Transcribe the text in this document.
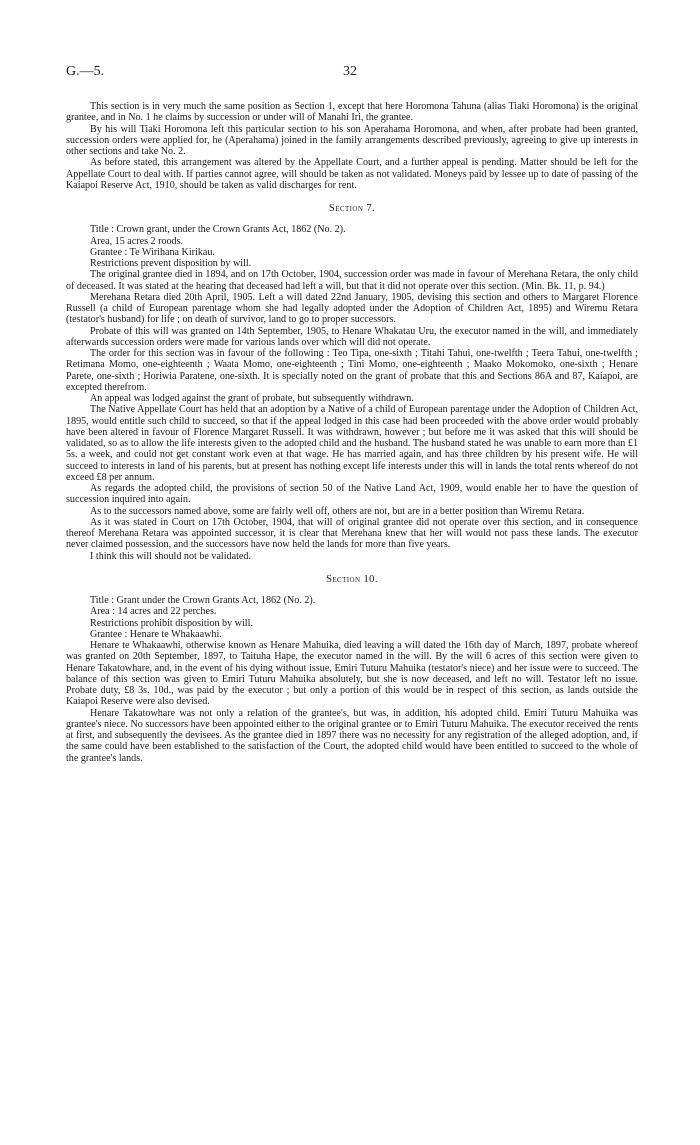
G.—5.	32

This section is in very much the same position as Section 1, except that here Horomona Tahuna (alias Tiaki Horomona) is the original grantee, and in No. 1 he claims by succession or under will of Manahi Iri, the grantee.

By his will Tiaki Horomona left this particular section to his son Aperahama Horomona, and when, after probate had been granted, succession orders were applied for, he (Aperahama) joined in the family arrangements described previously, agreeing to give up interests in other sections and take No. 2.

As before stated, this arrangement was altered by the Appellate Court, and a further appeal is pending. Matter should be left for the Appellate Court to deal with. If parties cannot agree, will should be taken as not validated. Moneys paid by lessee up to date of passing of the Kaiapoi Reserve Act, 1910, should be taken as valid discharges for rent.

Section 7.
Title : Crown grant, under the Crown Grants Act, 1862 (No. 2).
Area, 15 acres 2 roods.
Grantee : Te Wirihana Kirikau.
Restrictions prevent disposition by will.

The original grantee died in 1894, and on 17th October, 1904, succession order was made in favour of Merehana Retara, the only child of deceased. It was stated at the hearing that deceased had left a will, but that it did not operate over this section. (Min. Bk. 11, p. 94.)

Merehana Retara died 20th April, 1905. Left a will dated 22nd January, 1905, devising this section and others to Margaret Florence Russell (a child of European parentage whom she had legally adopted under the Adoption of Children Act, 1895) and Wiremu Retara (testator's husband) for life ; on death of survivor, land to go to proper successors.

Probate of this will was granted on 14th September, 1905, to Henare Whakatau Uru, the executor named in the will, and immediately afterwards succession orders were made for various lands over which will did not operate.

The order for this section was in favour of the following : Teo Tipa, one-sixth ; Titahi Tahui, one-twelfth ; Teera Tahui, one-twelfth ; Retimana Momo, one-eighteenth ; Waata Momo, one-eighteenth ; Tini Momo, one-eighteenth ; Maako Mokomoko, one-sixth ; Henare Parete, one-sixth ; Horiwia Paratene, one-sixth. It is specially noted on the grant of probate that this and Sections 86A and 87, Kaiapoi, are excepted therefrom.

An appeal was lodged against the grant of probate, but subsequently withdrawn.

The Native Appellate Court has held that an adoption by a Native of a child of European parentage under the Adoption of Children Act, 1895, would entitle such child to succeed, so that if the appeal lodged in this case had been proceeded with the above order would probably have been altered in favour of Florence Margaret Russell. It was withdrawn, however ; but before me it was asked that this will should be validated, so as to allow the life interests given to the adopted child and the husband. The husband stated he was unable to earn more than £1 5s. a week, and could not get constant work even at that wage. He has married again, and has three children by his present wife. He will succeed to interests in land of his parents, but at present has nothing except life interests under this will in lands the total rents whereof do not exceed £8 per annum.

As regards the adopted child, the provisions of section 50 of the Native Land Act, 1909, would enable her to have the question of succession inquired into again.

As to the successors named above, some are fairly well off, others are not, but are in a better position than Wiremu Retara.

As it was stated in Court on 17th October, 1904, that will of original grantee did not operate over this section, and in consequence thereof Merehana Retara was appointed successor, it is clear that Merehana knew that her will would not pass these lands. The executor never claimed possession, and the successors have now held the lands for more than five years.

I think this will should not be validated.

Section 10.
Title : Grant under the Crown Grants Act, 1862 (No. 2).
Area : 14 acres and 22 perches.
Restrictions prohibit disposition by will.
Grantee : Henare te Whakaawhi.

Henare te Whakaawhi, otherwise known as Henare Mahuika, died leaving a will dated the 16th day of March, 1897, probate whereof was granted on 20th September, 1897, to Taituha Hape, the executor named in the will. By the will 6 acres of this section were given to Henare Takatowhare, and, in the event of his dying without issue, Emiri Tuturu Mahuika (testator's niece) and her issue were to succeed. The balance of this section was given to Emiri Tuturu Mahuika absolutely, but she is now deceased, and left no will. Testator left no issue. Probate duty, £8 3s. 10d., was paid by the executor ; but only a portion of this would be in respect of this section, as lands outside the Kaiapoi Reserve were also devised.

Henare Takatowhare was not only a relation of the grantee's, but was, in addition, his adopted child. Emiri Tuturu Mahuika was grantee's niece. No successors have been appointed either to the original grantee or to Emiri Tuturu Mahuika. The executor received the rents at first, and subsequently the devisees. As the grantee died in 1897 there was no necessity for any registration of the alleged adoption, and, if the same could have been established to the satisfaction of the Court, the adopted child would have been entitled to succeed to the whole of the grantee's lands.
